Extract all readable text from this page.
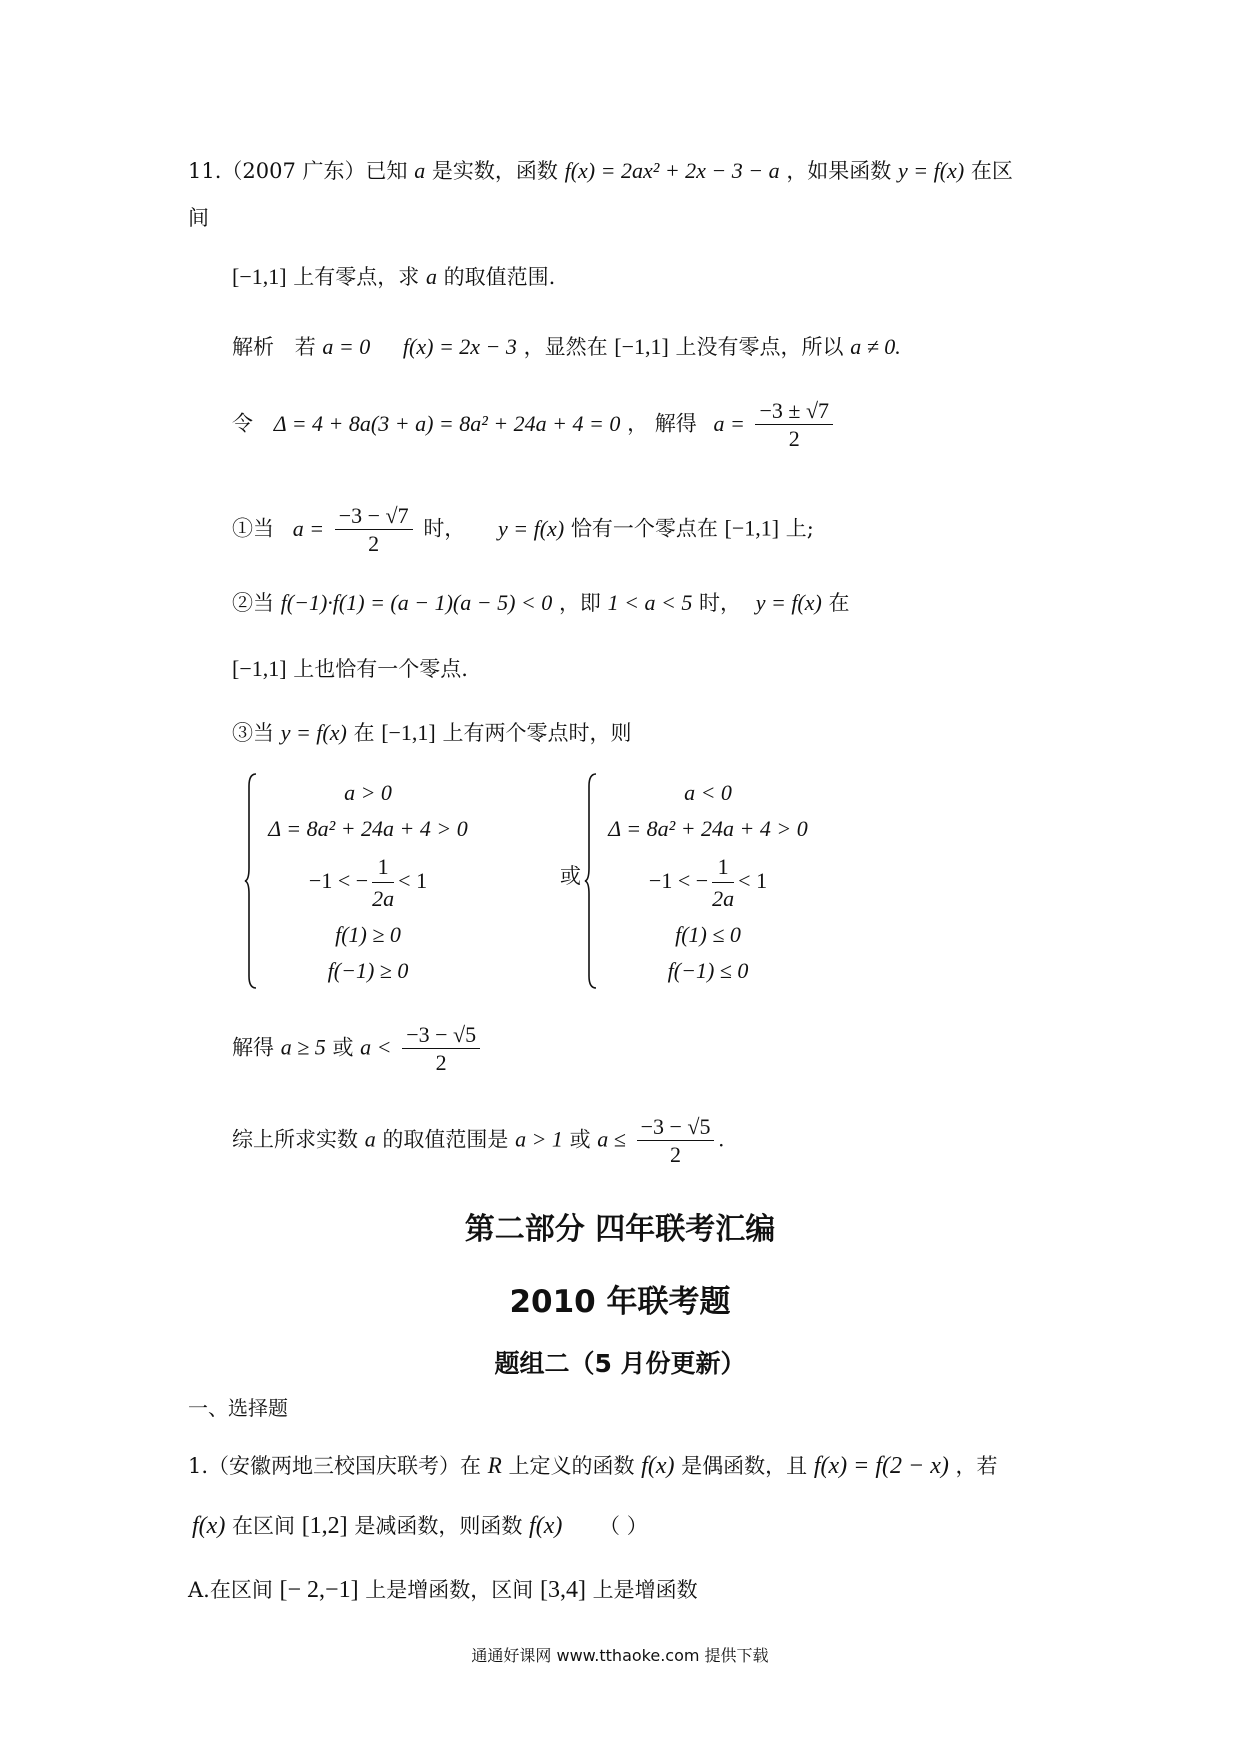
11.（2007 广东）已知 a 是实数，函数 f(x) = 2ax² + 2x − 3 − a ，如果函数 y = f(x) 在区
间
[−1,1] 上有零点，求 a 的取值范围.
解析 若 a = 0 f(x) = 2x − 3 ，显然在 [−1,1] 上没有零点，所以 a ≠ 0.
令 Δ = 4 + 8a(3 + a) = 8a² + 24a + 4 = 0 ， 解得 $a = \frac{-3 \pm √7}{2}$
①当 $a = \frac{-3 - √7}{2}$ 时， y = f(x) 恰有一个零点在 [−1,1] 上;
②当 f(−1)·f(1) = (a − 1)(a − 5) < 0 ，即 1 < a < 5 时， y = f(x) 在
[−1,1] 上也恰有一个零点.
③当 y = f(x) 在 [−1,1] 上有两个零点时，则
a > 0
Δ = 8a² + 24a + 4 > 0
−1 < − $\frac{1}{2a} < 1$
f(1) ≥ 0
f(−1) ≥ 0
或
a < 0
Δ = 8a² + 24a + 4 > 0
−1 < − $\frac{1}{2a} < 1$
f(1) ≤ 0
f(−1) ≤ 0
解得 a ≥ 5 或 $a < \frac{-3 - √5}{2}$
综上所求实数 a 的取值范围是 a > 1 或 $a \le \frac{-3 - √5}{2}$ .
第二部分 四年联考汇编
2010 年联考题
题组二（5 月份更新）
一、选择题
1.（安徽两地三校国庆联考）在 R 上定义的函数 f(x) 是偶函数，且 f(x) = f(2 − x) ，若
f(x) 在区间 [1,2] 是减函数，则函数 f(x) （ ）
A.在区间 [− 2,−1] 上是增函数，区间 [3,4] 上是增函数
通通好课网 www.tthaoke.com 提供下载
